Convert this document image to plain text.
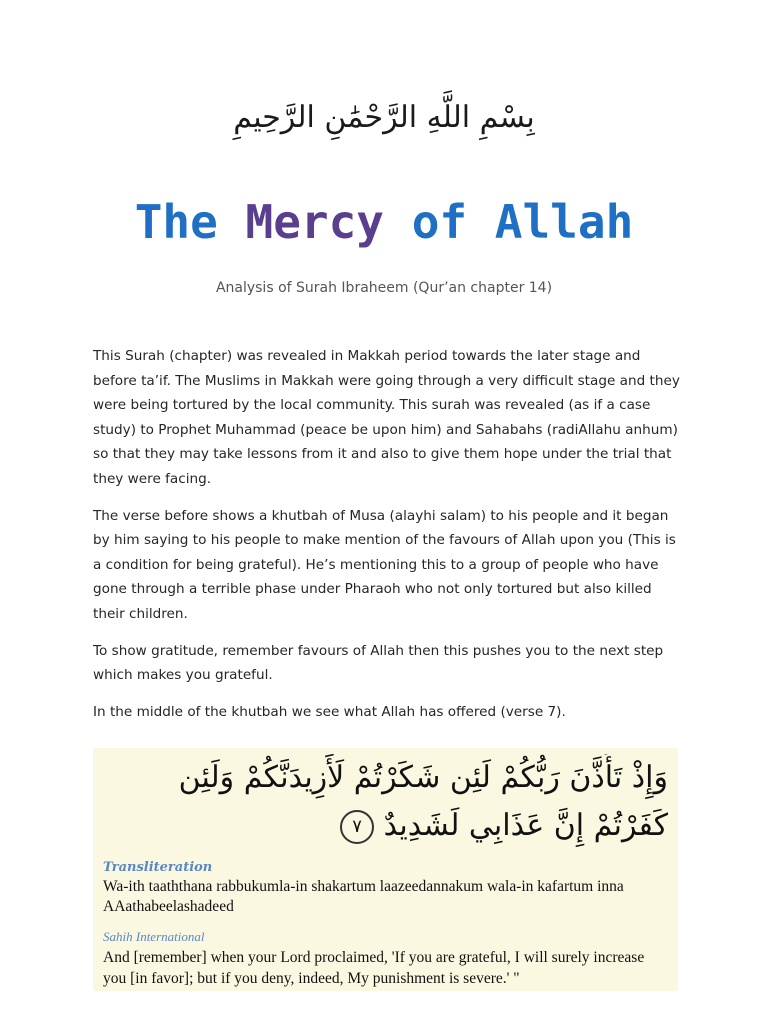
بِسْمِ اللَّهِ الرَّحْمَٰنِ الرَّحِيمِ
The Mercy of Allah
Analysis of Surah Ibraheem (Qur’an chapter 14)

This Surah (chapter) was revealed in Makkah period towards the later stage and before ta’if. The Muslims in Makkah were going through a very difficult stage and they were being tortured by the local community. This surah was revealed (as if a case study) to Prophet Muhammad (peace be upon him) and Sahabahs (radiAllahu anhum) so that they may take lessons from it and also to give them hope under the trial that they were facing.

The verse before shows a khutbah of Musa (alayhi salam) to his people and it began by him saying to his people to make mention of the favours of Allah upon you (This is a condition for being grateful). He’s mentioning this to a group of people who have gone through a terrible phase under Pharaoh who not only tortured but also killed their children.

To show gratitude, remember favours of Allah then this pushes you to the next step which makes you grateful.

In the middle of the khutbah we see what Allah has offered (verse 7).

وَإِذْ تَأَذَّنَ رَبُّكُمْ لَئِن شَكَرْتُمْ لَأَزِيدَنَّكُمْ وَلَئِن
كَفَرْتُمْ إِنَّ عَذَابِي لَشَدِيدٌ ٧
Transliteration
Wa-ith taaththana rabbukumla-in shakartum laazeedannakum wala-in kafartum inna AAathabeelashadeed
Sahih International
And [remember] when your Lord proclaimed, 'If you are grateful, I will surely increase you [in favor]; but if you deny, indeed, My punishment is severe.' "
